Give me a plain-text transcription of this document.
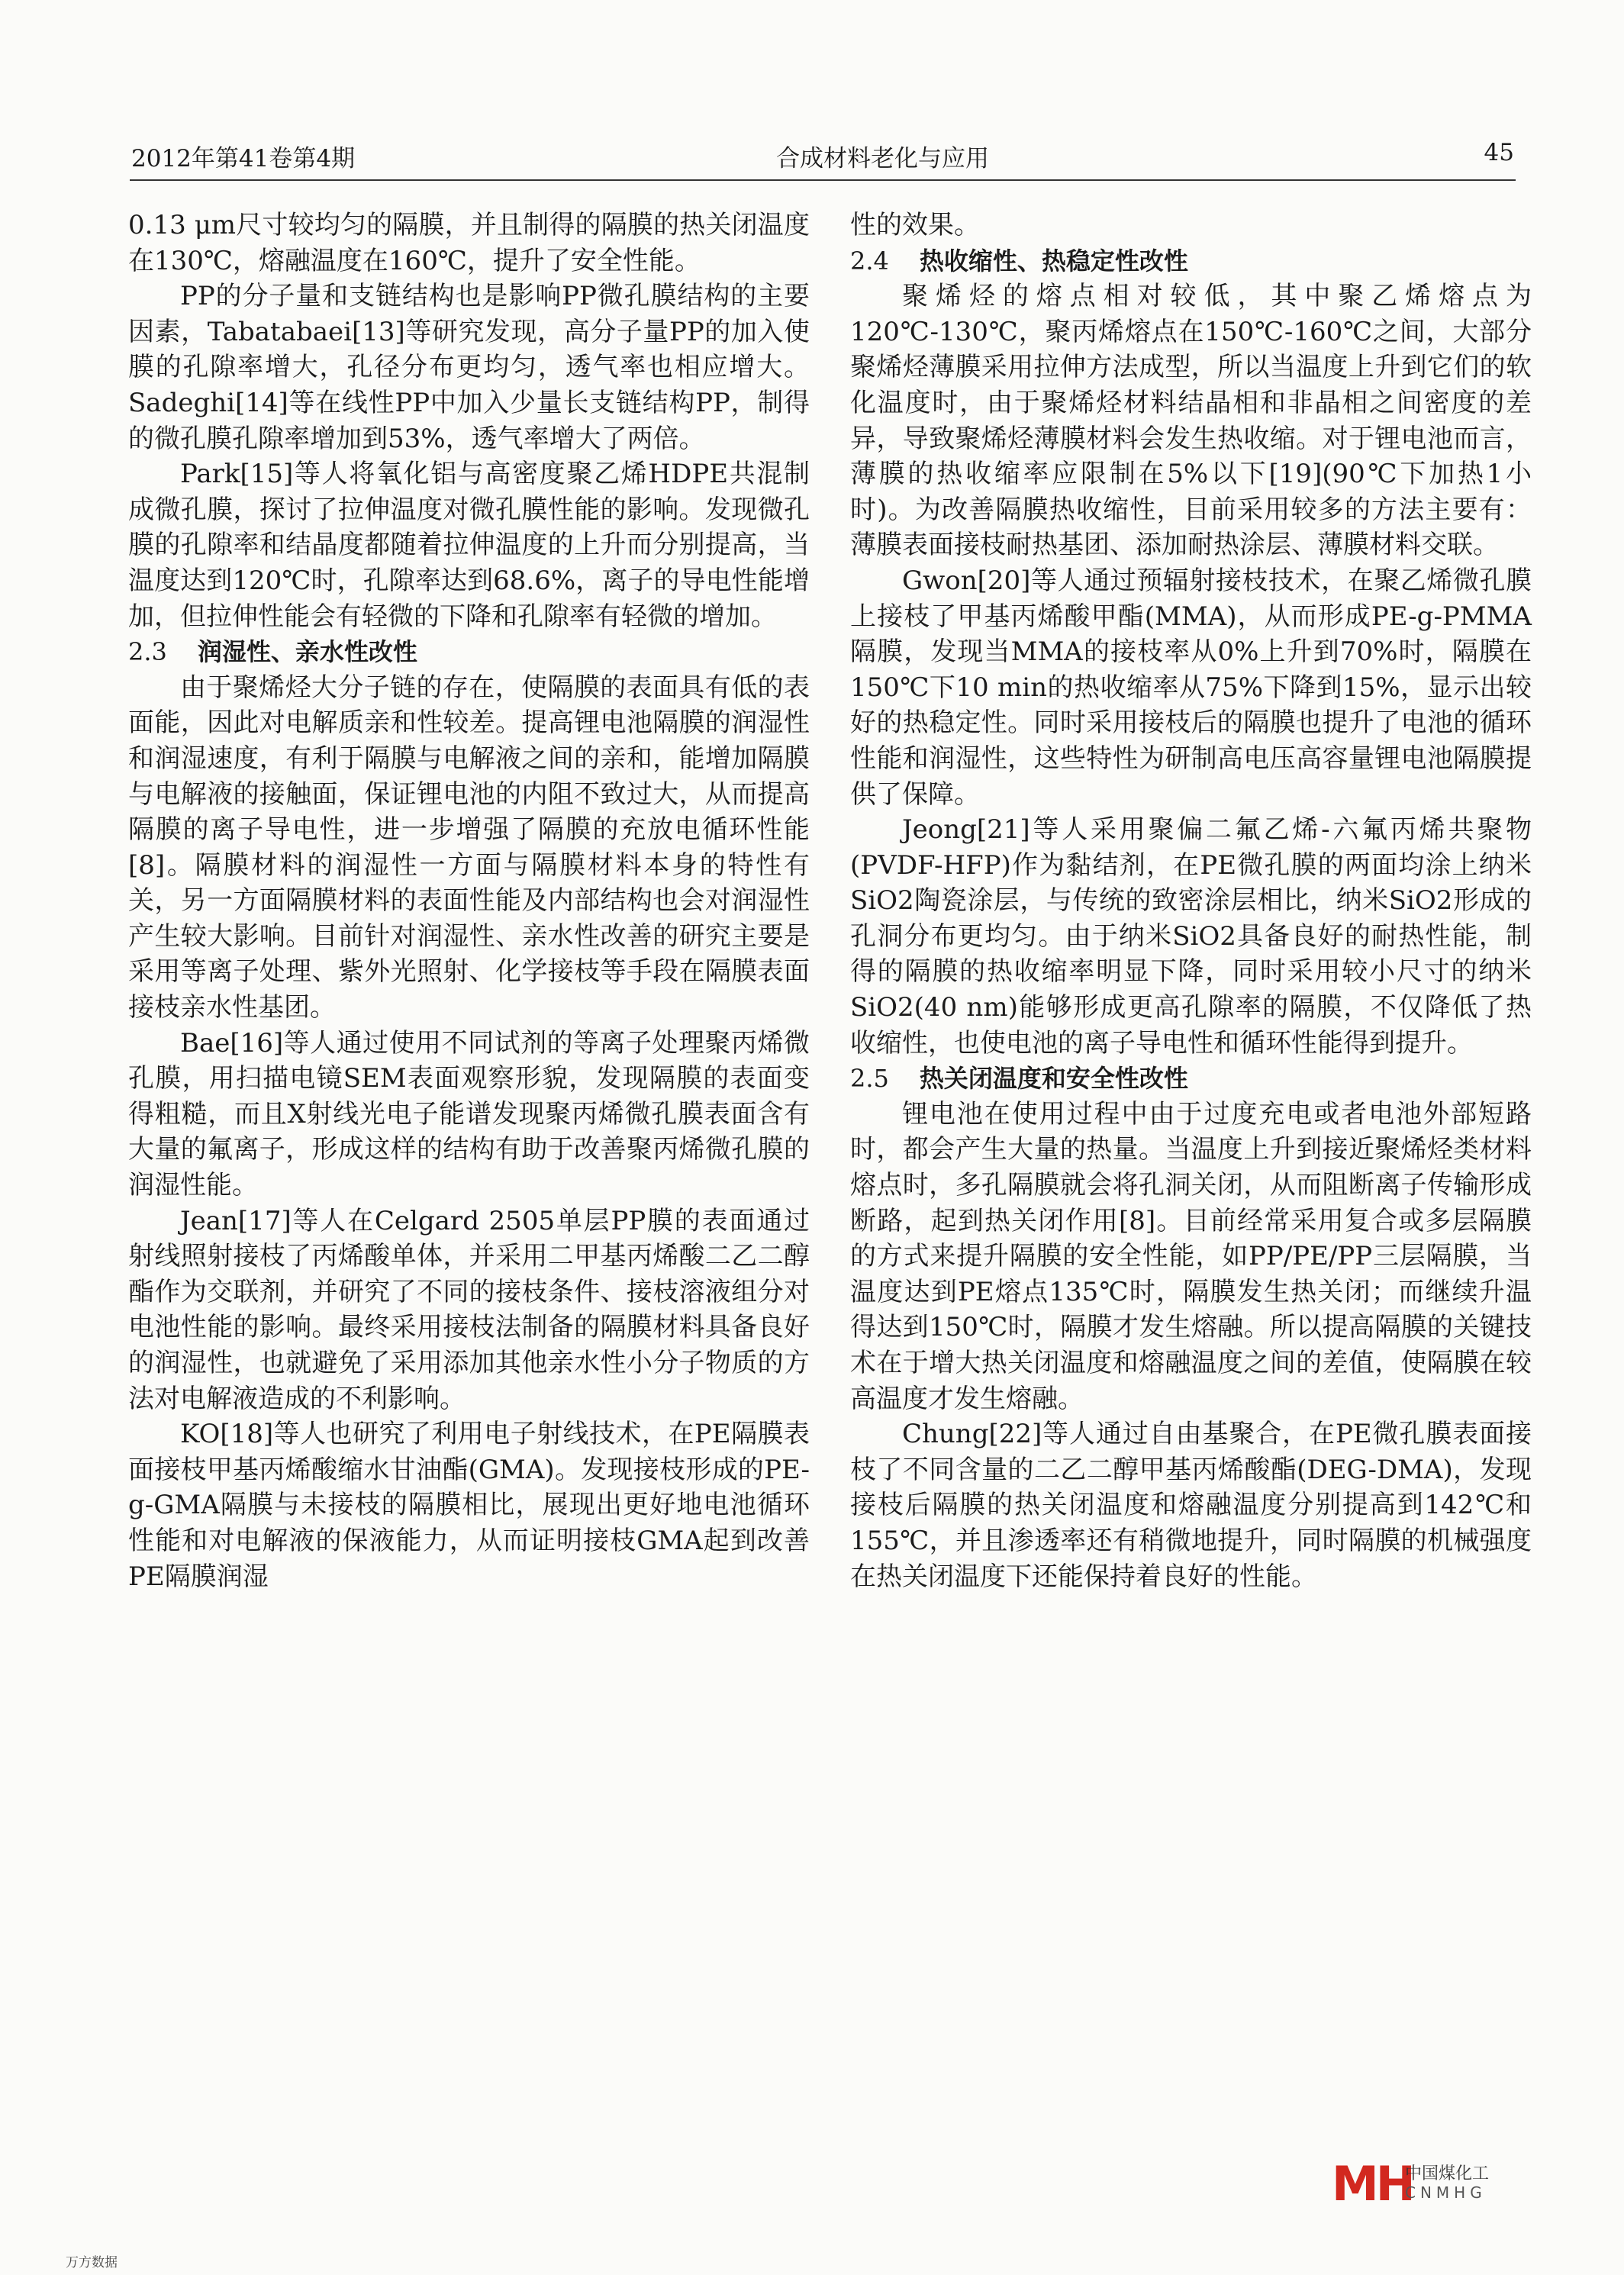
2012年第41卷第4期	合成材料老化与应用	45

0.13 μm尺寸较均匀的隔膜，并且制得的隔膜的热关闭温度在130℃，熔融温度在160℃，提升了安全性能。

PP的分子量和支链结构也是影响PP微孔膜结构的主要因素，Tabatabaei[13]等研究发现，高分子量PP的加入使膜的孔隙率增大，孔径分布更均匀，透气率也相应增大。Sadeghi[14]等在线性PP中加入少量长支链结构PP，制得的微孔膜孔隙率增加到53%，透气率增大了两倍。

Park[15]等人将氧化铝与高密度聚乙烯HDPE共混制成微孔膜，探讨了拉伸温度对微孔膜性能的影响。发现微孔膜的孔隙率和结晶度都随着拉伸温度的上升而分别提高，当温度达到120℃时，孔隙率达到68.6%，离子的导电性能增加，但拉伸性能会有轻微的下降和孔隙率有轻微的增加。

2.3 润湿性、亲水性改性

由于聚烯烃大分子链的存在，使隔膜的表面具有低的表面能，因此对电解质亲和性较差。提高锂电池隔膜的润湿性和润湿速度，有利于隔膜与电解液之间的亲和，能增加隔膜与电解液的接触面，保证锂电池的内阻不致过大，从而提高隔膜的离子导电性，进一步增强了隔膜的充放电循环性能[8]。隔膜材料的润湿性一方面与隔膜材料本身的特性有关，另一方面隔膜材料的表面性能及内部结构也会对润湿性产生较大影响。目前针对润湿性、亲水性改善的研究主要是采用等离子处理、紫外光照射、化学接枝等手段在隔膜表面接枝亲水性基团。

Bae[16]等人通过使用不同试剂的等离子处理聚丙烯微孔膜，用扫描电镜SEM表面观察形貌，发现隔膜的表面变得粗糙，而且X射线光电子能谱发现聚丙烯微孔膜表面含有大量的氟离子，形成这样的结构有助于改善聚丙烯微孔膜的润湿性能。

Jean[17]等人在Celgard 2505单层PP膜的表面通过射线照射接枝了丙烯酸单体，并采用二甲基丙烯酸二乙二醇酯作为交联剂，并研究了不同的接枝条件、接枝溶液组分对电池性能的影响。最终采用接枝法制备的隔膜材料具备良好的润湿性，也就避免了采用添加其他亲水性小分子物质的方法对电解液造成的不利影响。

KO[18]等人也研究了利用电子射线技术，在PE隔膜表面接枝甲基丙烯酸缩水甘油酯(GMA)。发现接枝形成的PE-g-GMA隔膜与未接枝的隔膜相比，展现出更好地电池循环性能和对电解液的保液能力，从而证明接枝GMA起到改善PE隔膜润湿

性的效果。

2.4 热收缩性、热稳定性改性

聚烯烃的熔点相对较低，其中聚乙烯熔点为120℃-130℃，聚丙烯熔点在150℃-160℃之间，大部分聚烯烃薄膜采用拉伸方法成型，所以当温度上升到它们的软化温度时，由于聚烯烃材料结晶相和非晶相之间密度的差异，导致聚烯烃薄膜材料会发生热收缩。对于锂电池而言，薄膜的热收缩率应限制在5%以下[19](90℃下加热1小时)。为改善隔膜热收缩性，目前采用较多的方法主要有：薄膜表面接枝耐热基团、添加耐热涂层、薄膜材料交联。

Gwon[20]等人通过预辐射接枝技术，在聚乙烯微孔膜上接枝了甲基丙烯酸甲酯(MMA)，从而形成PE-g-PMMA隔膜，发现当MMA的接枝率从0%上升到70%时，隔膜在150℃下10 min的热收缩率从75%下降到15%，显示出较好的热稳定性。同时采用接枝后的隔膜也提升了电池的循环性能和润湿性，这些特性为研制高电压高容量锂电池隔膜提供了保障。

Jeong[21]等人采用聚偏二氟乙烯-六氟丙烯共聚物(PVDF-HFP)作为黏结剂，在PE微孔膜的两面均涂上纳米SiO2陶瓷涂层，与传统的致密涂层相比，纳米SiO2形成的孔洞分布更均匀。由于纳米SiO2具备良好的耐热性能，制得的隔膜的热收缩率明显下降，同时采用较小尺寸的纳米SiO2(40 nm)能够形成更高孔隙率的隔膜，不仅降低了热收缩性，也使电池的离子导电性和循环性能得到提升。

2.5 热关闭温度和安全性改性

锂电池在使用过程中由于过度充电或者电池外部短路时，都会产生大量的热量。当温度上升到接近聚烯烃类材料熔点时，多孔隔膜就会将孔洞关闭，从而阻断离子传输形成断路，起到热关闭作用[8]。目前经常采用复合或多层隔膜的方式来提升隔膜的安全性能，如PP/PE/PP三层隔膜，当温度达到PE熔点135℃时，隔膜发生热关闭；而继续升温得达到150℃时，隔膜才发生熔融。所以提高隔膜的关键技术在于增大热关闭温度和熔融温度之间的差值，使隔膜在较高温度才发生熔融。

Chung[22]等人通过自由基聚合，在PE微孔膜表面接枝了不同含量的二乙二醇甲基丙烯酸酯(DEG-DMA)，发现接枝后隔膜的热关闭温度和熔融温度分别提高到142℃和155℃，并且渗透率还有稍微地提升，同时隔膜的机械强度在热关闭温度下还能保持着良好的性能。

MH
中国煤化工
CNMHG
万方数据
